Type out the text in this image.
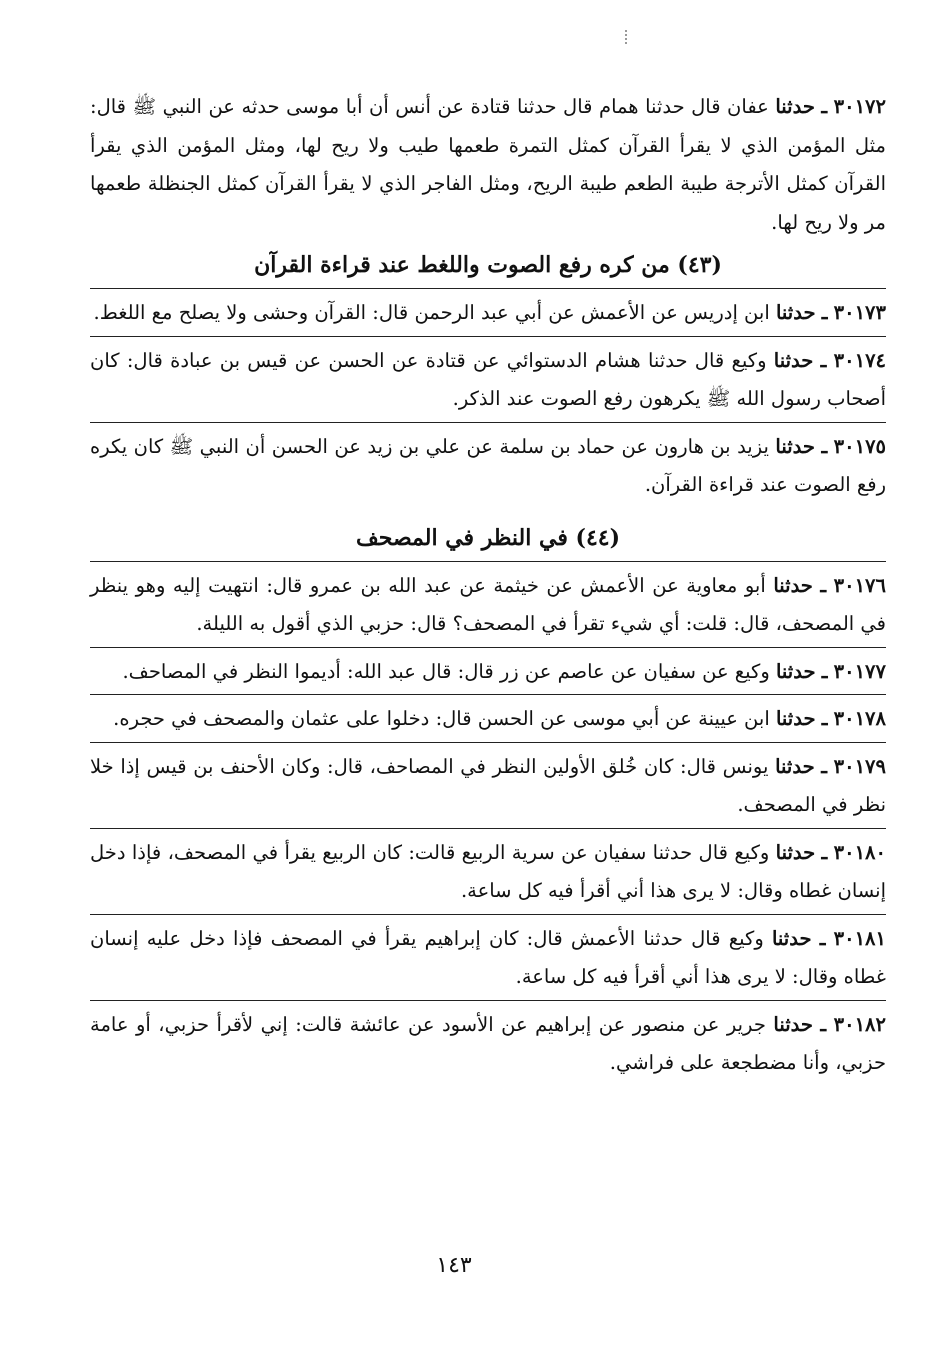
٣٠١٧٢ ـ حدثنا عفان قال حدثنا همام قال حدثنا قتادة عن أنس أن أبا موسى حدثه عن النبي ﷺ قال: مثل المؤمن الذي لا يقرأ القرآن كمثل التمرة طعمها طيب ولا ريح لها، ومثل المؤمن الذي يقرأ القرآن كمثل الأترجة طيبة الطعم طيبة الريح، ومثل الفاجر الذي لا يقرأ القرآن كمثل الجنظلة طعمها مر ولا ريح لها.

(٤٣) من كره رفع الصوت واللغط عند قراءة القرآن

٣٠١٧٣ ـ حدثنا ابن إدريس عن الأعمش عن أبي عبد الرحمن قال: القرآن وحشى ولا يصلح مع اللغط.

٣٠١٧٤ ـ حدثنا وكيع قال حدثنا هشام الدستوائي عن قتادة عن الحسن عن قيس بن عبادة قال: كان أصحاب رسول الله ﷺ يكرهون رفع الصوت عند الذكر.

٣٠١٧٥ ـ حدثنا يزيد بن هارون عن حماد بن سلمة عن علي بن زيد عن الحسن أن النبي ﷺ كان يكره رفع الصوت عند قراءة القرآن.

(٤٤) في النظر في المصحف

٣٠١٧٦ ـ حدثنا أبو معاوية عن الأعمش عن خيثمة عن عبد الله بن عمرو قال: انتهيت إليه وهو ينظر في المصحف، قال: قلت: أي شيء تقرأ في المصحف؟ قال: حزبي الذي أقول به الليلة.

٣٠١٧٧ ـ حدثنا وكيع عن سفيان عن عاصم عن زر قال: قال عبد الله: أديموا النظر في المصاحف.

٣٠١٧٨ ـ حدثنا ابن عيينة عن أبي موسى عن الحسن قال: دخلوا على عثمان والمصحف في حجره.

٣٠١٧٩ ـ حدثنا يونس قال: كان خُلق الأولين النظر في المصاحف، قال: وكان الأحنف بن قيس إذا خلا نظر في المصحف.

٣٠١٨٠ ـ حدثنا وكيع قال حدثنا سفيان عن سرية الربيع قالت: كان الربيع يقرأ في المصحف، فإذا دخل إنسان غطاه وقال: لا يرى هذا أني أقرأ فيه كل ساعة.

٣٠١٨١ ـ حدثنا وكيع قال حدثنا الأعمش قال: كان إبراهيم يقرأ في المصحف فإذا دخل عليه إنسان غطاه وقال: لا يرى هذا أني أقرأ فيه كل ساعة.

٣٠١٨٢ ـ حدثنا جرير عن منصور عن إبراهيم عن الأسود عن عائشة قالت: إني لأقرأ حزبي، أو عامة حزبي، وأنا مضطجعة على فراشي.

١٤٣
